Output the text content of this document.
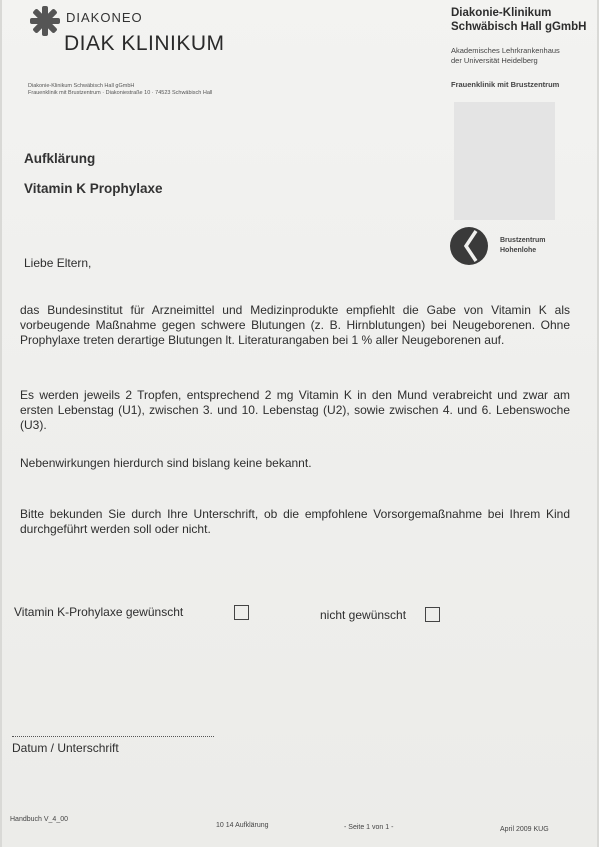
DIAKONEO
DIAK KLINIKUM
Diakonie-Klinikum Schwäbisch Hall gGmbH
Frauenklinik mit Brustzentrum · Diakoniestraße 10 · 74523 Schwäbisch Hall
Diakonie-Klinikum
Schwäbisch Hall gGmbH
Akademisches Lehrkrankenhaus
der Universität Heidelberg
Frauenklinik mit Brustzentrum
Brustzentrum
Hohenlohe
Aufklärung
Vitamin K Prophylaxe
Liebe Eltern,
das Bundesinstitut für Arzneimittel und Medizinprodukte empfiehlt die Gabe von Vitamin K als vorbeugende Maßnahme gegen schwere Blutungen (z. B. Hirnblutungen) bei Neugeborenen. Ohne Prophylaxe treten derartige Blutungen lt. Literaturangaben bei 1 % aller Neugeborenen auf.
Es werden jeweils 2 Tropfen, entsprechend 2 mg Vitamin K in den Mund verabreicht und zwar am ersten Lebenstag (U1), zwischen 3. und 10. Lebenstag (U2), sowie zwischen 4. und 6. Lebenswoche (U3).
Nebenwirkungen hierdurch sind bislang keine bekannt.
Bitte bekunden Sie durch Ihre Unterschrift, ob die empfohlene Vorsorgemaßnahme bei Ihrem Kind durchgeführt werden soll oder nicht.
Vitamin K-Prohylaxe gewünscht	nicht gewünscht
Datum / Unterschrift
Handbuch V_4_00
10 14 Aufklärung	- Seite 1 von 1 -	April 2009 KUG
